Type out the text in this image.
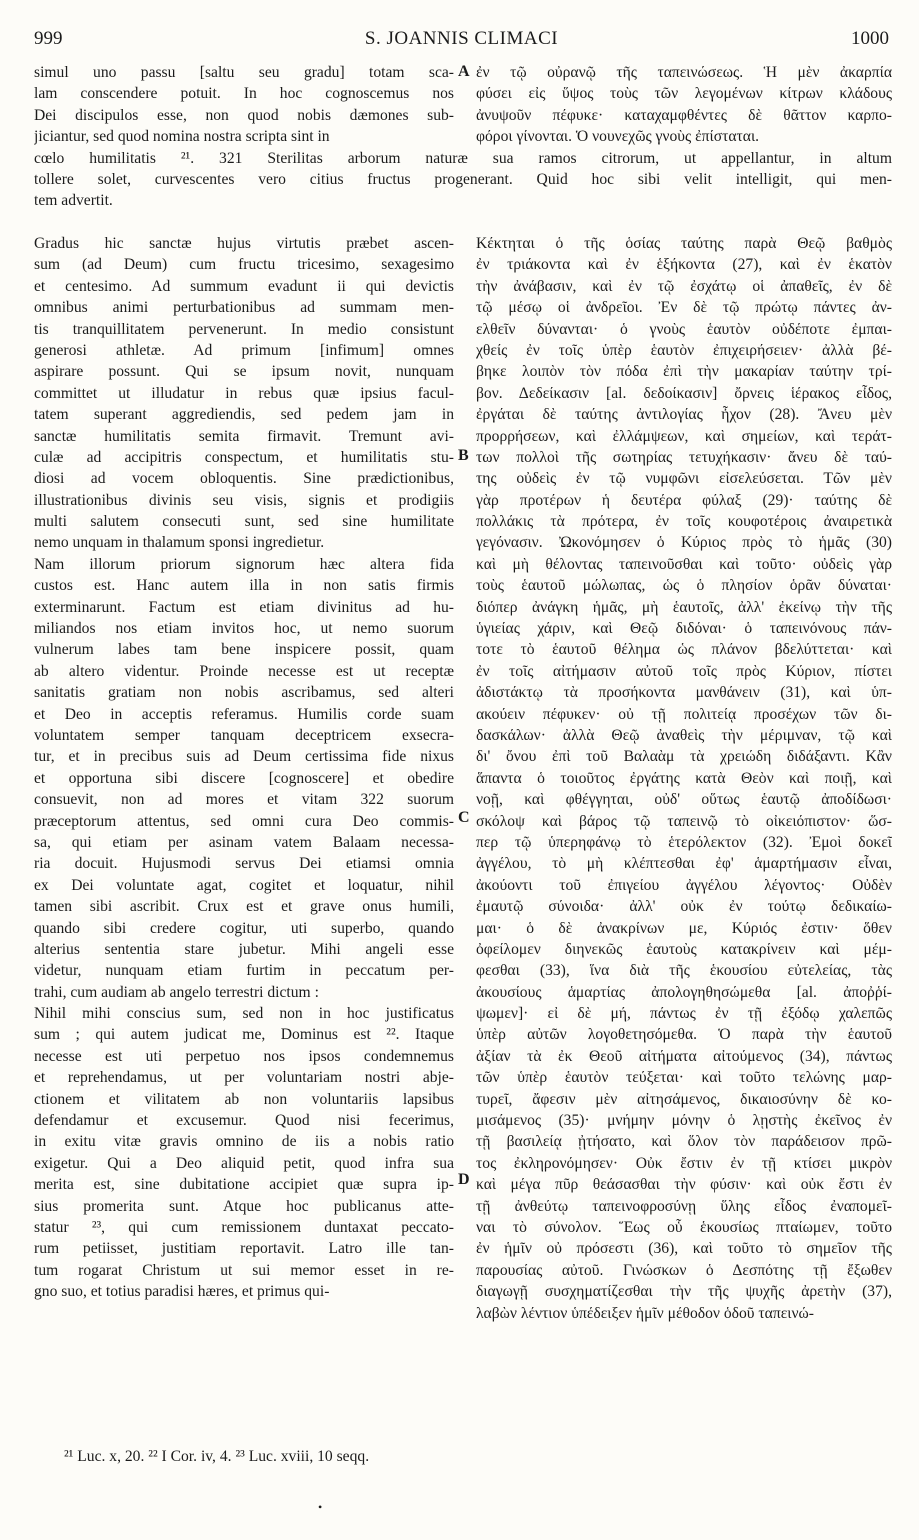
999	S. JOANNIS CLIMACI	1000
A
B
C
D
simul uno passu [saltu seu gradu] totam sca-
lam conscendere potuit. In hoc cognoscemus nos
Dei discipulos esse, non quod nobis dæmones sub-
jiciantur, sed quod nomina nostra scripta sint in
ἐν τῷ οὐρανῷ τῆς ταπεινώσεως. Ἡ μὲν ἀκαρπία
φύσει εἰς ὕψος τοὺς τῶν λεγομένων κίτρων κλάδους
ἀνυψοῦν πέφυκε· καταχαμφθέντες δὲ θᾶττον καρπο-
φόροι γίνονται. Ὁ νουνεχῶς γνοὺς ἐπίσταται.
cœlo humilitatis ²¹. 321 Sterilitas arborum naturæ sua ramos citrorum, ut appellantur, in altum
tollere solet, curvescentes vero citius fructus progenerant. Quid hoc sibi velit intelligit, qui men-
tem advertit.
Gradus hic sanctæ hujus virtutis præbet ascen-
sum (ad Deum) cum fructu tricesimo, sexagesimo
et centesimo. Ad summum evadunt ii qui devictis
omnibus animi perturbationibus ad summam men-
tis tranquillitatem pervenerunt. In medio consistunt
generosi athletæ. Ad primum [infimum] omnes
aspirare possunt. Qui se ipsum novit, nunquam
committet ut illudatur in rebus quæ ipsius facul-
tatem superant aggrediendis, sed pedem jam in
sanctæ humilitatis semita firmavit. Tremunt avi-
culæ ad accipitris conspectum, et humilitatis stu-
diosi ad vocem obloquentis. Sine prædictionibus,
illustrationibus divinis seu visis, signis et prodigiis
multi salutem consecuti sunt, sed sine humilitate
nemo unquam in thalamum sponsi ingredietur.
Nam illorum priorum signorum hæc altera fida
custos est. Hanc autem illa in non satis firmis
exterminarunt. Factum est etiam divinitus ad hu-
miliandos nos etiam invitos hoc, ut nemo suorum
vulnerum labes tam bene inspicere possit, quam
ab altero videntur. Proinde necesse est ut receptæ
sanitatis gratiam non nobis ascribamus, sed alteri
et Deo in acceptis referamus. Humilis corde suam
voluntatem semper tanquam deceptricem exsecra-
tur, et in precibus suis ad Deum certissima fide nixus
et opportuna sibi discere [cognoscere] et obedire
consuevit, non ad mores et vitam 322 suorum
præceptorum attentus, sed omni cura Deo commis-
sa, qui etiam per asinam vatem Balaam necessa-
ria docuit. Hujusmodi servus Dei etiamsi omnia
ex Dei voluntate agat, cogitet et loquatur, nihil
tamen sibi ascribit. Crux est et grave onus humili,
quando sibi credere cogitur, uti superbo, quando
alterius sententia stare jubetur. Mihi angeli esse
videtur, nunquam etiam furtim in peccatum per-
trahi, cum audiam ab angelo terrestri dictum :
Nihil mihi conscius sum, sed non in hoc justificatus
sum ; qui autem judicat me, Dominus est ²². Itaque
necesse est uti perpetuo nos ipsos condemnemus
et reprehendamus, ut per voluntariam nostri abje-
ctionem et vilitatem ab non voluntariis lapsibus
defendamur et excusemur. Quod nisi fecerimus,
in exitu vitæ gravis omnino de iis a nobis ratio
exigetur. Qui a Deo aliquid petit, quod infra sua
merita est, sine dubitatione accipiet quæ supra ip-
sius promerita sunt. Atque hoc publicanus atte-
statur ²³, qui cum remissionem duntaxat peccato-
rum petiisset, justitiam reportavit. Latro ille tan-
tum rogarat Christum ut sui memor esset in re-
gno suo, et totius paradisi hæres, et primus qui-
Κέκτηται ὁ τῆς ὁσίας ταύτης παρὰ Θεῷ βαθμὸς
ἐν τριάκοντα καὶ ἐν ἑξήκοντα (27), καὶ ἐν ἑκατὸν
τὴν ἀνάβασιν, καὶ ἐν τῷ ἐσχάτῳ οἱ ἀπαθεῖς, ἐν δὲ
τῷ μέσῳ οἱ ἀνδρεῖοι. Ἐν δὲ τῷ πρώτῳ πάντες ἀν-
ελθεῖν δύνανται· ὁ γνοὺς ἑαυτὸν οὐδέποτε ἐμπαι-
χθείς ἐν τοῖς ὑπὲρ ἑαυτὸν ἐπιχειρήσειεν· ἀλλὰ βέ-
βηκε λοιπὸν τὸν πόδα ἐπὶ τὴν μακαρίαν ταύτην τρί-
βον. Δεδείκασιν [al. δεδοίκασιν] ὄρνεις ἱέρακος εἶδος,
ἐργάται δὲ ταύτης ἀντιλογίας ἦχον (28). Ἄνευ μὲν
προρρήσεων, καὶ ἐλλάμψεων, καὶ σημείων, καὶ τεράτ-
των πολλοὶ τῆς σωτηρίας τετυχήκασιν· ἄνευ δὲ ταύ-
της οὐδεὶς ἐν τῷ νυμφῶνι εἰσελεύσεται. Τῶν μὲν
γὰρ προτέρων ἡ δευτέρα φύλαξ (29)· ταύτης δὲ
πολλάκις τὰ πρότερα, ἐν τοῖς κουφοτέροις ἀναιρετικὰ
γεγόνασιν. Ὠκονόμησεν ὁ Κύριος πρὸς τὸ ἡμᾶς (30)
καὶ μὴ θέλοντας ταπεινοῦσθαι καὶ τοῦτο· οὐδεὶς γὰρ
τοὺς ἑαυτοῦ μώλωπας, ὡς ὁ πλησίον ὁρᾶν δύναται·
διόπερ ἀνάγκη ἡμᾶς, μὴ ἑαυτοῖς, ἀλλ' ἐκείνῳ τὴν τῆς
ὑγιείας χάριν, καὶ Θεῷ διδόναι· ὁ ταπεινόνους πάν-
τοτε τὸ ἑαυτοῦ θέλημα ὡς πλάνον βδελύττεται· καὶ
ἐν τοῖς αἰτήμασιν αὐτοῦ τοῖς πρὸς Κύριον, πίστει
ἀδιστάκτῳ τὰ προσήκοντα μανθάνειν (31), καὶ ὑπ-
ακούειν πέφυκεν· οὐ τῇ πολιτείᾳ προσέχων τῶν δι-
δασκάλων· ἀλλὰ Θεῷ ἀναθεὶς τὴν μέριμναν, τῷ καὶ
δι' ὄνου ἐπὶ τοῦ Βαλαὰμ τὰ χρειώδη διδάξαντι. Κἂν
ἅπαντα ὁ τοιοῦτος ἐργάτης κατὰ Θεὸν καὶ ποιῇ, καὶ
νοῇ, καὶ φθέγγηται, οὐδ' οὕτως ἑαυτῷ ἀποδίδωσι·
σκόλοψ καὶ βάρος τῷ ταπεινῷ τὸ οἰκειόπιστον· ὥσ-
περ τῷ ὑπερηφάνῳ τὸ ἑτερόλεκτον (32). Ἐμοὶ δοκεῖ
ἀγγέλου, τὸ μὴ κλέπτεσθαι ἐφ' ἁμαρτήμασιν εἶναι,
ἀκούοντι τοῦ ἐπιγείου ἀγγέλου λέγοντος· Οὐδὲν
ἐμαυτῷ σύνοιδα· ἀλλ' οὐκ ἐν τούτῳ δεδικαίω-
μαι· ὁ δὲ ἀνακρίνων με, Κύριός ἐστιν· ὅθεν
ὀφείλομεν διηνεκῶς ἑαυτοὺς κατακρίνειν καὶ μέμ-
φεσθαι (33), ἵνα διὰ τῆς ἑκουσίου εὐτελείας, τὰς
ἀκουσίους ἁμαρτίας ἀπολογηθησώμεθα [al. ἀποῤῥί-
ψωμεν]· εἰ δὲ μή, πάντως ἐν τῇ ἐξόδῳ χαλεπῶς
ὑπὲρ αὐτῶν λογοθετησόμεθα. Ὁ παρὰ τὴν ἑαυτοῦ
ἀξίαν τὰ ἐκ Θεοῦ αἰτήματα αἰτούμενος (34), πάντως
τῶν ὑπὲρ ἑαυτὸν τεύξεται· καὶ τοῦτο τελώνης μαρ-
τυρεῖ, ἄφεσιν μὲν αἰτησάμενος, δικαιοσύνην δὲ κο-
μισάμενος (35)· μνήμην μόνην ὁ λῃστὴς ἐκεῖνος ἐν
τῇ βασιλείᾳ ᾐτήσατο, καὶ ὅλον τὸν παράδεισον πρῶ-
τος ἐκληρονόμησεν· Οὐκ ἔστιν ἐν τῇ κτίσει μικρὸν
καὶ μέγα πῦρ θεάσασθαι τὴν φύσιν· καὶ οὐκ ἔστι ἐν
τῇ ἀνθεύτῳ ταπεινοφροσύνῃ ὕλης εἶδος ἐναπομεῖ-
ναι τὸ σύνολον. Ἕως οὗ ἑκουσίως πταίωμεν, τοῦτο
ἐν ἡμῖν οὐ πρόσεστι (36), καὶ τοῦτο τὸ σημεῖον τῆς
παρουσίας αὐτοῦ. Γινώσκων ὁ Δεσπότης τῇ ἔξωθεν
διαγωγῇ συσχηματίζεσθαι τὴν τῆς ψυχῆς ἀρετὴν (37),
λαβὼν λέντιον ὑπέδειξεν ἡμῖν μέθοδον ὁδοῦ ταπεινώ-
²¹ Luc. x, 20. ²² I Cor. iv, 4. ²³ Luc. xviii, 10 seqq.
•
